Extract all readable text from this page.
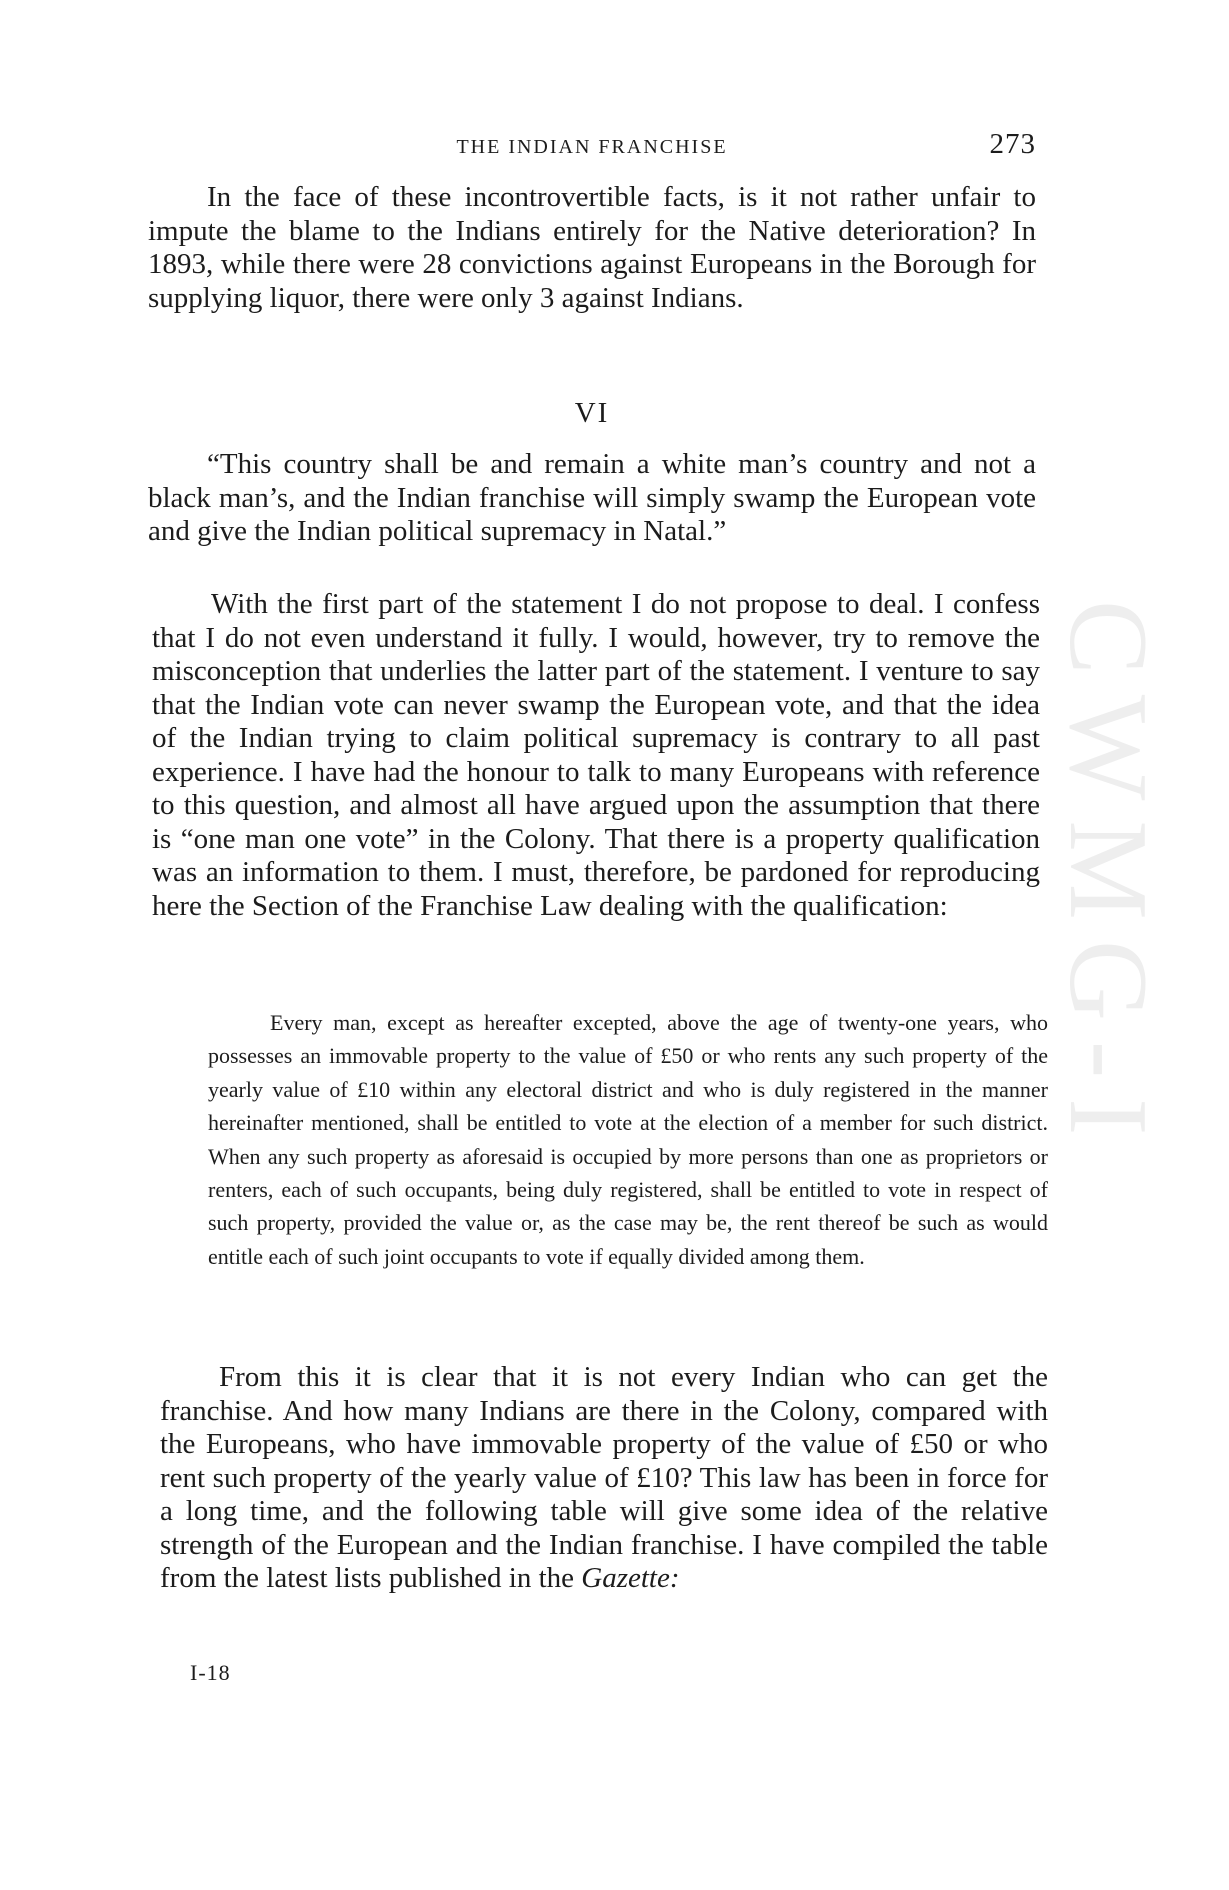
THE INDIAN FRANCHISE	273

In the face of these incontrovertible facts, is it not rather unfair to impute the blame to the Indians entirely for the Native deterioration? In 1893, while there were 28 convictions against Europeans in the Borough for supplying liquor, there were only 3 against Indians.

VI

“This country shall be and remain a white man’s country and not a black man’s, and the Indian franchise will simply swamp the European vote and give the Indian political supremacy in Natal.”

With the first part of the statement I do not propose to deal. I confess that I do not even understand it fully. I would, however, try to remove the misconception that underlies the latter part of the statement. I venture to say that the Indian vote can never swamp the European vote, and that the idea of the Indian trying to claim political supremacy is contrary to all past experience. I have had the honour to talk to many Europeans with reference to this question, and almost all have argued upon the assumption that there is “one man one vote” in the Colony. That there is a property qualification was an information to them. I must, therefore, be pardoned for reproducing here the Section of the Franchise Law dealing with the qualification:

Every man, except as hereafter excepted, above the age of twenty-one years, who possesses an immovable property to the value of £50 or who rents any such property of the yearly value of £10 within any electoral district and who is duly registered in the manner hereinafter mentioned, shall be entitled to vote at the election of a member for such district. When any such property as aforesaid is occupied by more persons than one as proprietors or renters, each of such occupants, being duly registered, shall be entitled to vote in respect of such property, provided the value or, as the case may be, the rent thereof be such as would entitle each of such joint occupants to vote if equally divided among them.

From this it is clear that it is not every Indian who can get the franchise. And how many Indians are there in the Colony, compared with the Europeans, who have immovable property of the value of £50 or who rent such property of the yearly value of £10? This law has been in force for a long time, and the following table will give some idea of the relative strength of the European and the Indian franchise. I have compiled the table from the latest lists published in the Gazette:

I-18
CWMG-I
